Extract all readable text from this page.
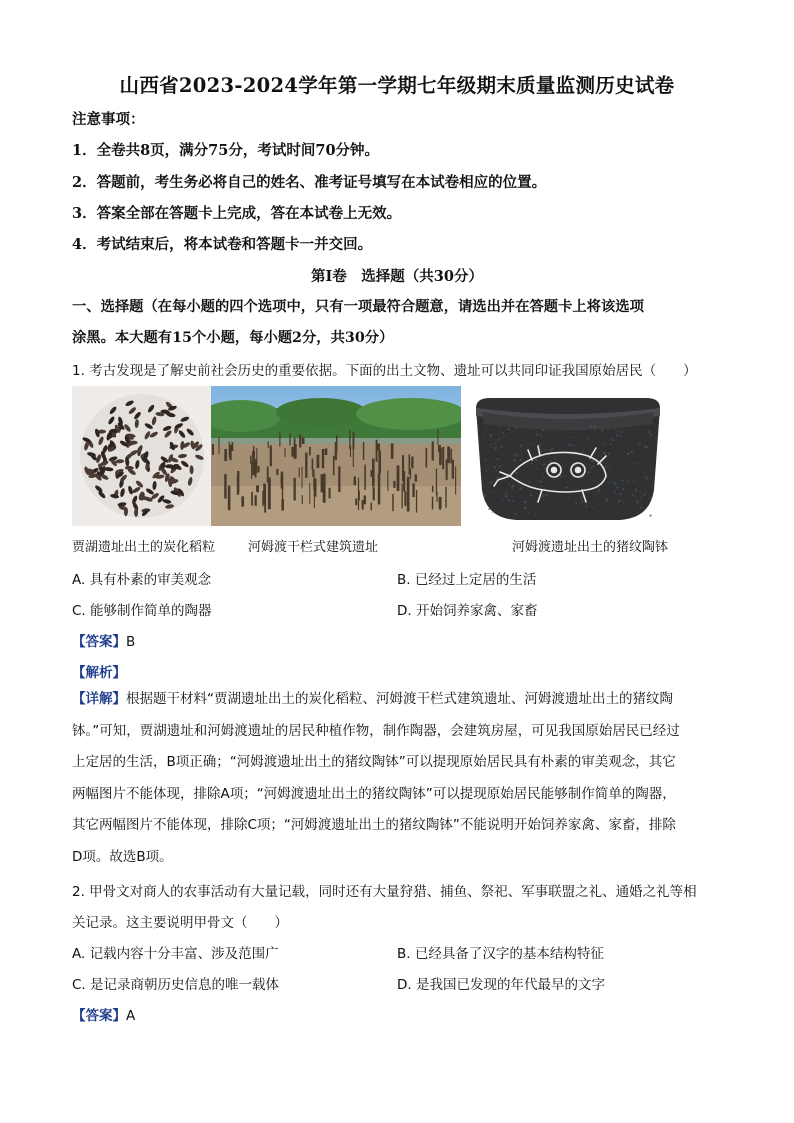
山西省2023-2024学年第一学期七年级期末质量监测历史试卷
注意事项：
1．全卷共8页，满分75分，考试时间70分钟。
2．答题前，考生务必将自己的姓名、准考证号填写在本试卷相应的位置。
3．答案全部在答题卡上完成，答在本试卷上无效。
4．考试结束后，将本试卷和答题卡一并交回。
第Ⅰ卷　选择题（共30分）
一、选择题（在每小题的四个选项中，只有一项最符合题意，请选出并在答题卡上将该选项
涂黑。本大题有15个小题，每小题2分，共30分）
1. 考古发现是了解史前社会历史的重要依据。下面的出土文物、遗址可以共同印证我国原始居民（　　）
贾湖遗址出土的炭化稻粒	河姆渡干栏式建筑遗址	河姆渡遗址出土的猪纹陶钵
A. 具有朴素的审美观念	B. 已经过上定居的生活
C. 能够制作简单的陶器	D. 开始饲养家禽、家畜
【答案】B
【解析】
【详解】根据题干材料“贾湖遗址出土的炭化稻粒、河姆渡干栏式建筑遗址、河姆渡遗址出土的猪纹陶
钵。”可知，贾湖遗址和河姆渡遗址的居民种植作物，制作陶器，会建筑房屋，可见我国原始居民已经过
上定居的生活，B项正确；“河姆渡遗址出土的猪纹陶钵”可以提现原始居民具有朴素的审美观念，其它
两幅图片不能体现，排除A项；“河姆渡遗址出土的猪纹陶钵”可以提现原始居民能够制作简单的陶器，
其它两幅图片不能体现，排除C项；“河姆渡遗址出土的猪纹陶钵”不能说明开始饲养家禽、家畜，排除
D项。故选B项。
2. 甲骨文对商人的农事活动有大量记载，同时还有大量狩猎、捕鱼、祭祀、军事联盟之礼、通婚之礼等相
关记录。这主要说明甲骨文（　　）
A. 记载内容十分丰富、涉及范围广	B. 已经具备了汉字的基本结构特征
C. 是记录商朝历史信息的唯一载体	D. 是我国已发现的年代最早的文字
【答案】A
